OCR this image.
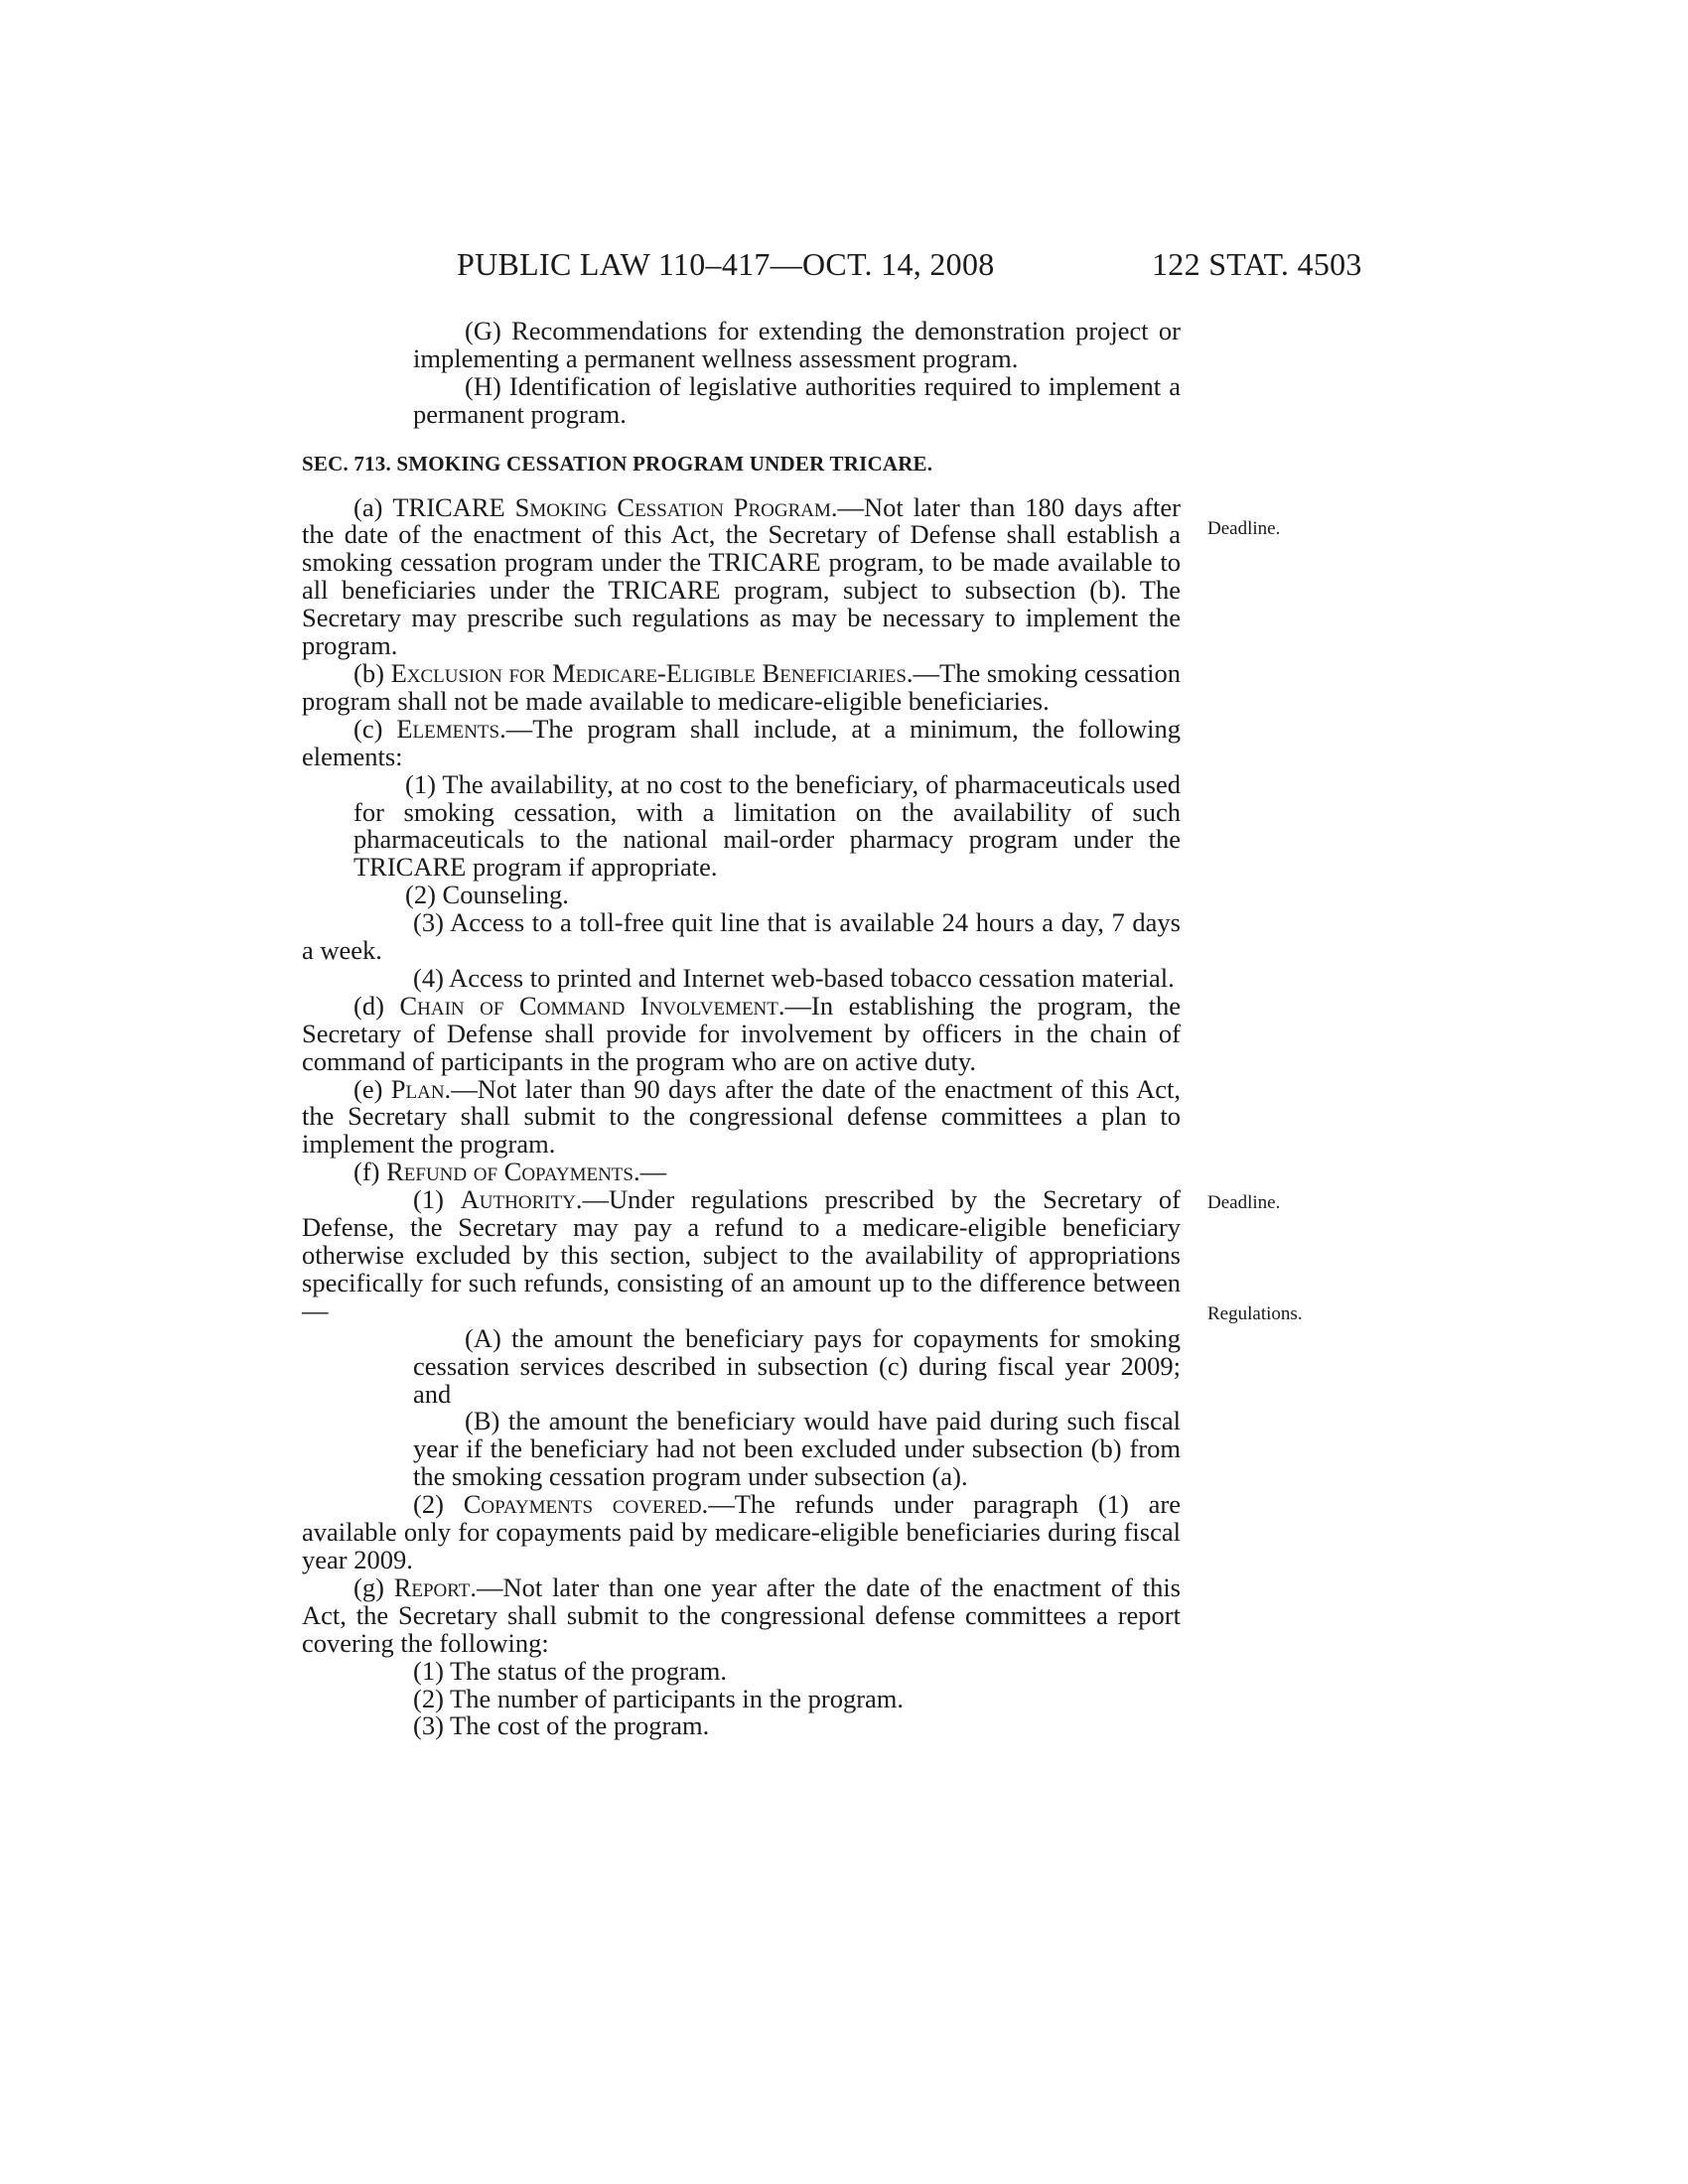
PUBLIC LAW 110–417—OCT. 14, 2008	122 STAT. 4503

(G) Recommendations for extending the demonstration project or implementing a permanent wellness assessment program.

(H) Identification of legislative authorities required to implement a permanent program.

SEC. 713. SMOKING CESSATION PROGRAM UNDER TRICARE.

(a) TRICARE Smoking Cessation Program.—Not later than 180 days after the date of the enactment of this Act, the Secretary of Defense shall establish a smoking cessation program under the TRICARE program, to be made available to all beneficiaries under the TRICARE program, subject to subsection (b). The Secretary may prescribe such regulations as may be necessary to implement the program.

(b) Exclusion for Medicare-Eligible Beneficiaries.—The smoking cessation program shall not be made available to medicare-eligible beneficiaries.

(c) Elements.—The program shall include, at a minimum, the following elements:

(1) The availability, at no cost to the beneficiary, of pharmaceuticals used for smoking cessation, with a limitation on the availability of such pharmaceuticals to the national mail-order pharmacy program under the TRICARE program if appropriate.

(2) Counseling.

(3) Access to a toll-free quit line that is available 24 hours a day, 7 days a week.

(4) Access to printed and Internet web-based tobacco cessation material.

(d) Chain of Command Involvement.—In establishing the program, the Secretary of Defense shall provide for involvement by officers in the chain of command of participants in the program who are on active duty.

(e) Plan.—Not later than 90 days after the date of the enactment of this Act, the Secretary shall submit to the congressional defense committees a plan to implement the program.

(f) Refund of Copayments.—

(1) Authority.—Under regulations prescribed by the Secretary of Defense, the Secretary may pay a refund to a medicare-eligible beneficiary otherwise excluded by this section, subject to the availability of appropriations specifically for such refunds, consisting of an amount up to the difference between—

(A) the amount the beneficiary pays for copayments for smoking cessation services described in subsection (c) during fiscal year 2009; and

(B) the amount the beneficiary would have paid during such fiscal year if the beneficiary had not been excluded under subsection (b) from the smoking cessation program under subsection (a).

(2) Copayments covered.—The refunds under paragraph (1) are available only for copayments paid by medicare-eligible beneficiaries during fiscal year 2009.

(g) Report.—Not later than one year after the date of the enactment of this Act, the Secretary shall submit to the congressional defense committees a report covering the following:

(1) The status of the program.

(2) The number of participants in the program.

(3) The cost of the program.

Deadline.
Deadline.
Regulations.
